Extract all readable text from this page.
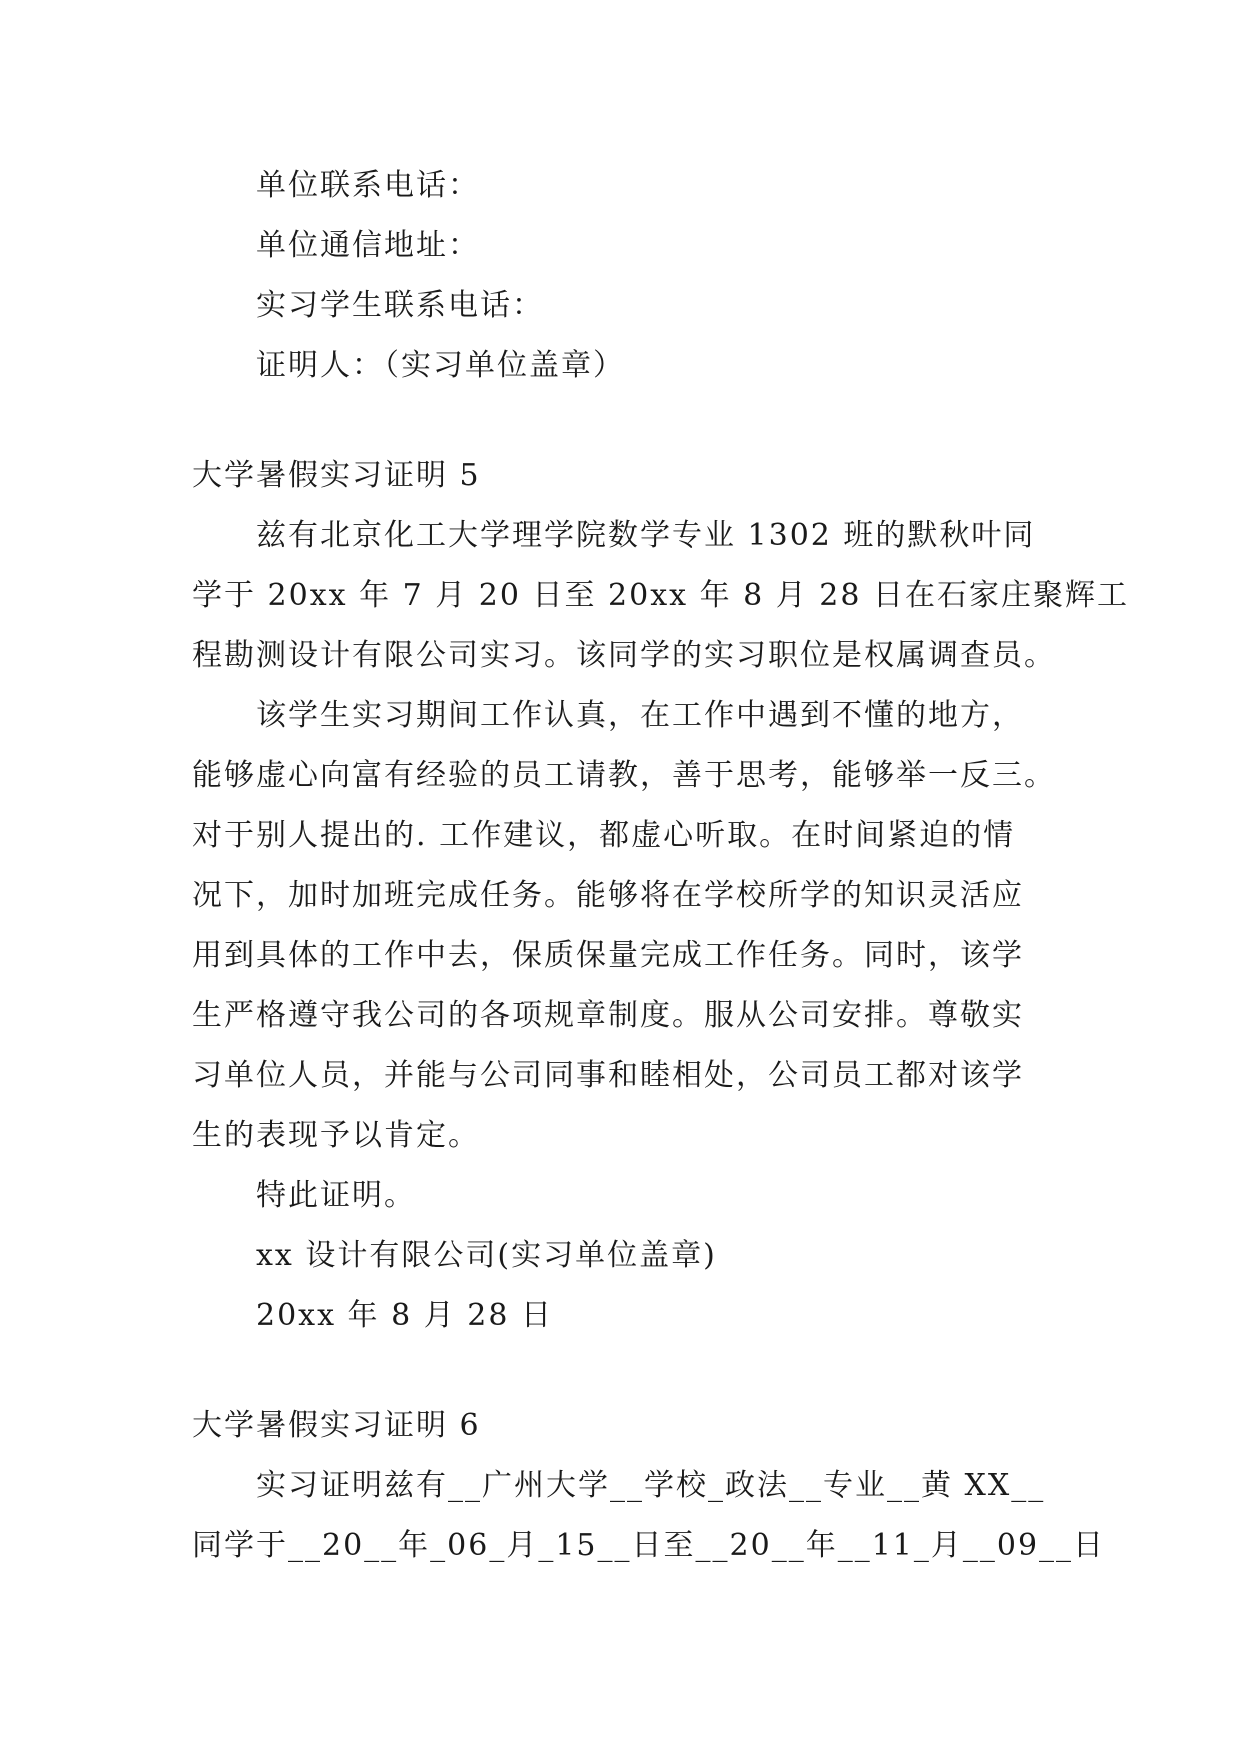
单位联系电话：
单位通信地址：
实习学生联系电话：
证明人：（实习单位盖章）
大学暑假实习证明 5
兹有北京化工大学理学院数学专业 1302 班的默秋叶同
学于 20xx 年 7 月 20 日至 20xx 年 8 月 28 日在石家庄聚辉工
程勘测设计有限公司实习。该同学的实习职位是权属调查员。
该学生实习期间工作认真，在工作中遇到不懂的地方，
能够虚心向富有经验的员工请教，善于思考，能够举一反三。
对于别人提出的. 工作建议，都虚心听取。在时间紧迫的情
况下，加时加班完成任务。能够将在学校所学的知识灵活应
用到具体的工作中去，保质保量完成工作任务。同时，该学
生严格遵守我公司的各项规章制度。服从公司安排。尊敬实
习单位人员，并能与公司同事和睦相处，公司员工都对该学
生的表现予以肯定。
特此证明。
xx 设计有限公司(实习单位盖章)
20xx 年 8 月 28 日
大学暑假实习证明 6
实习证明兹有__广州大学__学校_政法__专业__黄 XX__
同学于__20__年_06_月_15__日至__20__年__11_月__09__日
